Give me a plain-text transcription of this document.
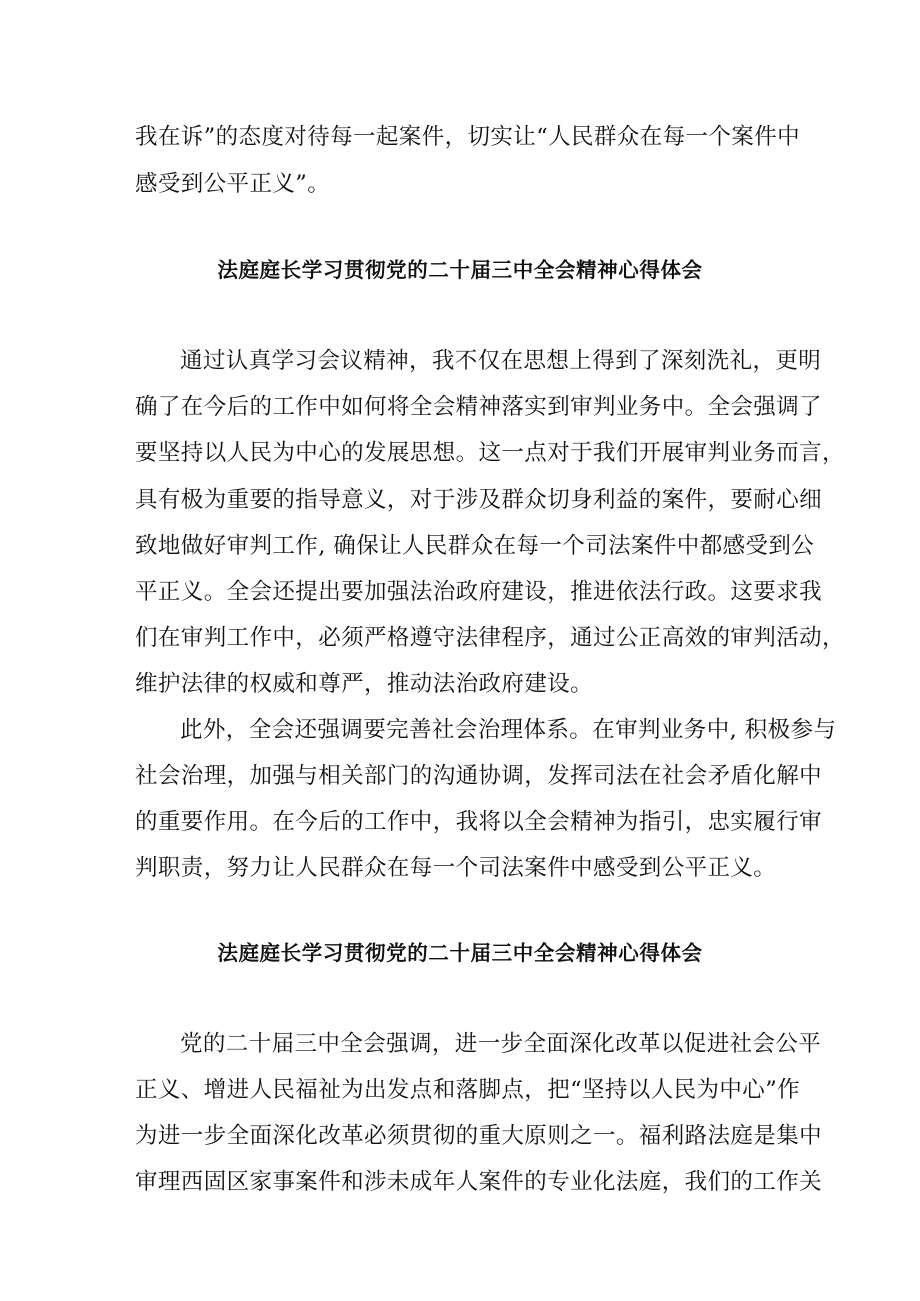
我在诉”的态度对待每一起案件，切实让“人民群众在每一个案件中
感受到公平正义”。
法庭庭长学习贯彻党的二十届三中全会精神心得体会
通过认真学习会议精神，我不仅在思想上得到了深刻洗礼，更明
确了在今后的工作中如何将全会精神落实到审判业务中。全会强调了
要坚持以人民为中心的发展思想。这一点对于我们开展审判业务而言，
具有极为重要的指导意义，对于涉及群众切身利益的案件，要耐心细
致地做好审判工作, 确保让人民群众在每一个司法案件中都感受到公
平正义。全会还提出要加强法治政府建设，推进依法行政。这要求我
们在审判工作中，必须严格遵守法律程序，通过公正高效的审判活动，
维护法律的权威和尊严，推动法治政府建设。
此外，全会还强调要完善社会治理体系。在审判业务中, 积极参与
社会治理，加强与相关部门的沟通协调，发挥司法在社会矛盾化解中
的重要作用。在今后的工作中，我将以全会精神为指引，忠实履行审
判职责，努力让人民群众在每一个司法案件中感受到公平正义。
法庭庭长学习贯彻党的二十届三中全会精神心得体会
党的二十届三中全会强调，进一步全面深化改革以促进社会公平
正义、增进人民福祉为出发点和落脚点，把“坚持以人民为中心”作
为进一步全面深化改革必须贯彻的重大原则之一。福利路法庭是集中
审理西固区家事案件和涉未成年人案件的专业化法庭，我们的工作关
